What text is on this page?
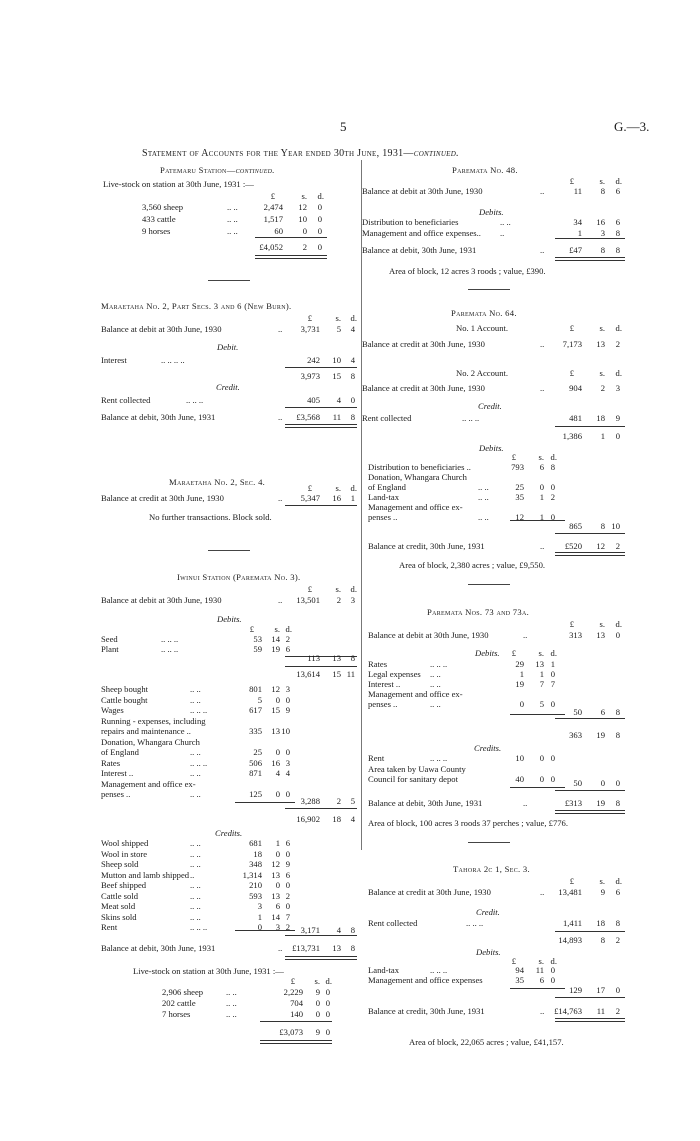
5	G.—3.
Statement of Accounts for the Year ended 30th June, 1931—continued.
Patemaru Station—continued.
Live-stock on station at 30th June, 1931 :—
£	s.	d.
3,560 sheep	.. ..	2,474	12	0
433 cattle	.. ..	1,517	10	0
9 horses	.. ..	60	0	0
£4,052	2	0
Maraetaha No. 2, Part Secs. 3 and 6 (New Burn).
£	s.	d.
Balance at debit at 30th June, 1930	..	3,731	5	4
Debit.
Interest	.. .. .. ..	242	10	4
3,973	15	8
Credit.
Rent collected	.. .. ..	405	4	0
Balance at debit, 30th June, 1931	..	£3,568	11	8
Maraetaha No. 2, Sec. 4.
£	s.	d.
Balance at credit at 30th June, 1930	..	5,347	16	1
No further transactions. Block sold.
Iwinui Station (Paremata No. 3).
£	s.	d.
Balance at debit at 30th June, 1930	..	13,501	2	3
Debits.
£	s. d.
Seed	.. .. ..	53	14 2
Plant	.. .. ..	59	19 6
113	13	8
13,614	15 11
Sheep bought	.. ..	801	12 3
Cattle bought	.. ..	5	0 0
Wages	.. .. ..	617	15 9
Running - expenses, including
repairs and maintenance ..	335	13 10
Donation, Whangara Church
of England	.. ..	25	0 0
Rates	.. .. ..	506	16 3
Interest ..	.. ..	871	4 4
Management and office ex-
penses ..	.. ..	125	0 0
3,288	2	5
16,902	18	4
Credits.
Wool shipped	.. ..	681	1 6
Wool in store	.. ..	18	0 0
Sheep sold	.. ..	348	12 9
Mutton and lamb shipped ..	1,314	13 6
Beef shipped	.. ..	210	0 0
Cattle sold	.. ..	593	13 2
Meat sold	.. ..	3	6 0
Skins sold	.. ..	1	14 7
Rent	.. .. ..	0	3 2	3,171	4	8
Balance at debit, 30th June, 1931	..	£13,731	13	8
Live-stock on station at 30th June, 1931 :—
£	s. d.
2,906 sheep	.. ..	2,229	9 0
202 cattle	.. ..	704	0 0
7 horses	.. ..	140	0 0
£3,073	9 0
Paremata No. 48.
£	s.	d.
Balance at debit at 30th June, 1930	..	11	8	6
Debits.
Distribution to beneficiaries	.. ..	34	16	6
Management and office expenses.. ..	1	3	8
Balance at debit, 30th June, 1931	..	£47	8	8
Area of block, 12 acres 3 roods ; value, £390.
Paremata No. 64.
No. 1 Account.
No. 2 Account.
£	s.	d.
Balance at credit at 30th June, 1930	..	7,173	13	2
£	s.	d.
Balance at credit at 30th June, 1930	..	904	2	3
Credit.
Rent collected	.. .. ..	481	18	9
1,386	1	0
Debits.
£	s. d.
Distribution to beneficiaries ..	793	6 8
Donation, Whangara Church
of England	.. ..	25	0 0
Land-tax	.. ..	35	1 2
Management and office ex-
penses ..	.. ..	12	1 0
865	8 10
Balance at credit, 30th June, 1931	..	£520	12	2
Area of block, 2,380 acres ; value, £9,550.
Paremata Nos. 73 and 73a.
£	s.	d.
Balance at debit at 30th June, 1930	..	313	13	0
Debits.	£	s. d.
Rates	.. .. ..	29	13 1
Legal expenses .. ..	1	1 0
Interest ..	.. ..	19	7 7
Management and office ex-
penses ..	.. ..	0	5 0
50	6	8
363	19	8
Credits.
Rent	.. .. ..	10	0 0
Area taken by Uawa County
Council for sanitary depot	40	0 0	50	0	0
Balance at debit, 30th June, 1931	..	£313	19	8
Area of block, 100 acres 3 roods 37 perches ; value, £776.
Tahora 2c 1, Sec. 3.
£	s.	d.
Balance at credit at 30th June, 1930	..	13,481	9	6
Credit.
Rent collected	.. .. ..	1,411	18	8
14,893	8	2
Debits.
£	s. d.
Land-tax	.. .. ..	94	11 0
Management and office expenses	35	6 0
129	17	0
Balance at credit, 30th June, 1931	..	£14,763	11	2
Area of block, 22,065 acres ; value, £41,157.
